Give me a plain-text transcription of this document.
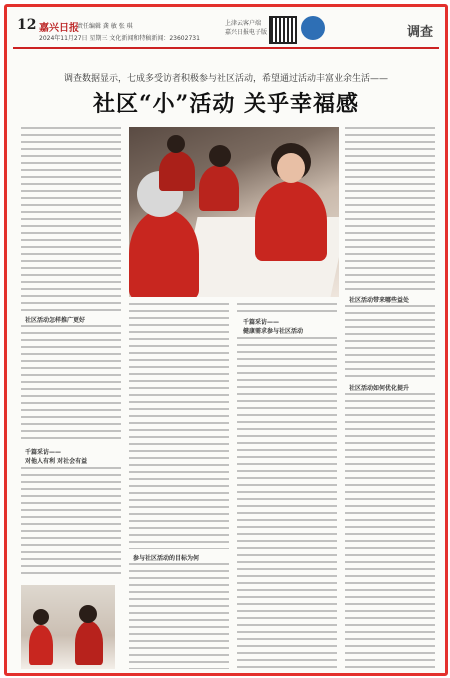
12 嘉兴日报
责任编辑 龚 敏 张 琪
2024年11月27日 星期三 文化新闻和特稿新闻：23602731
上津云客户端
嘉兴日报电子版	调查
调查数据显示，七成多受访者积极参与社区活动，希望通过活动丰富业余生活——
社区“小”活动 关乎幸福感
社区活动怎样推广更好
千篇采访——
对他人有利 对社会有益
社区活动带来哪些益处
社区活动如何优化提升
参与社区活动的目标为何
千篇采访——
健康需求参与社区活动
